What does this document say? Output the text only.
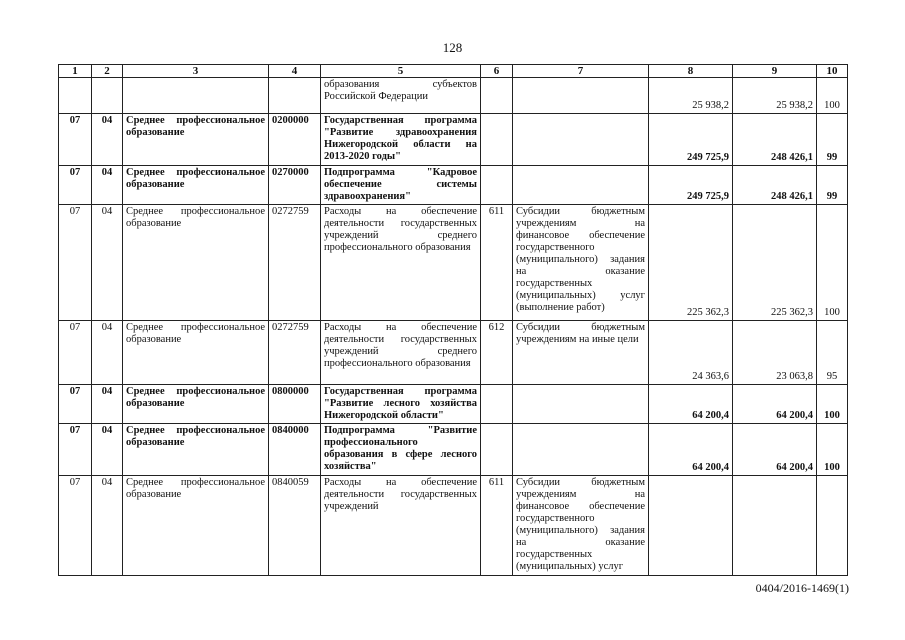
128
1	2	3	4	5	6	7	8	9	10
				образования субъектов Российской Федерации			25 938,2	25 938,2	100
07	04	Среднее профессиональное образование	0200000	Государственная программа "Развитие здравоохранения Нижегородской области на 2013-2020 годы"			249 725,9	248 426,1	99
07	04	Среднее профессиональное образование	0270000	Подпрограмма "Кадровое обеспечение системы здравоохранения"			249 725,9	248 426,1	99
07	04	Среднее профессиональное образование	0272759	Расходы на обеспечение деятельности государственных учреждений среднего профессионального образования	611	Субсидии бюджетным учреждениям на финансовое обеспечение государственного (муниципального) задания на оказание государственных (муниципальных) услуг (выполнение работ)	225 362,3	225 362,3	100
07	04	Среднее профессиональное образование	0272759	Расходы на обеспечение деятельности государственных учреждений среднего профессионального образования	612	Субсидии бюджетным учреждениям на иные цели	24 363,6	23 063,8	95
07	04	Среднее профессиональное образование	0800000	Государственная программа "Развитие лесного хозяйства Нижегородской области"			64 200,4	64 200,4	100
07	04	Среднее профессиональное образование	0840000	Подпрограмма "Развитие профессионального образования в сфере лесного хозяйства"			64 200,4	64 200,4	100
07	04	Среднее профессиональное образование	0840059	Расходы на обеспечение деятельности государственных учреждений	611	Субсидии бюджетным учреждениям на финансовое обеспечение государственного (муниципального) задания на оказание государственных (муниципальных) услуг			
0404/2016-1469(1)
